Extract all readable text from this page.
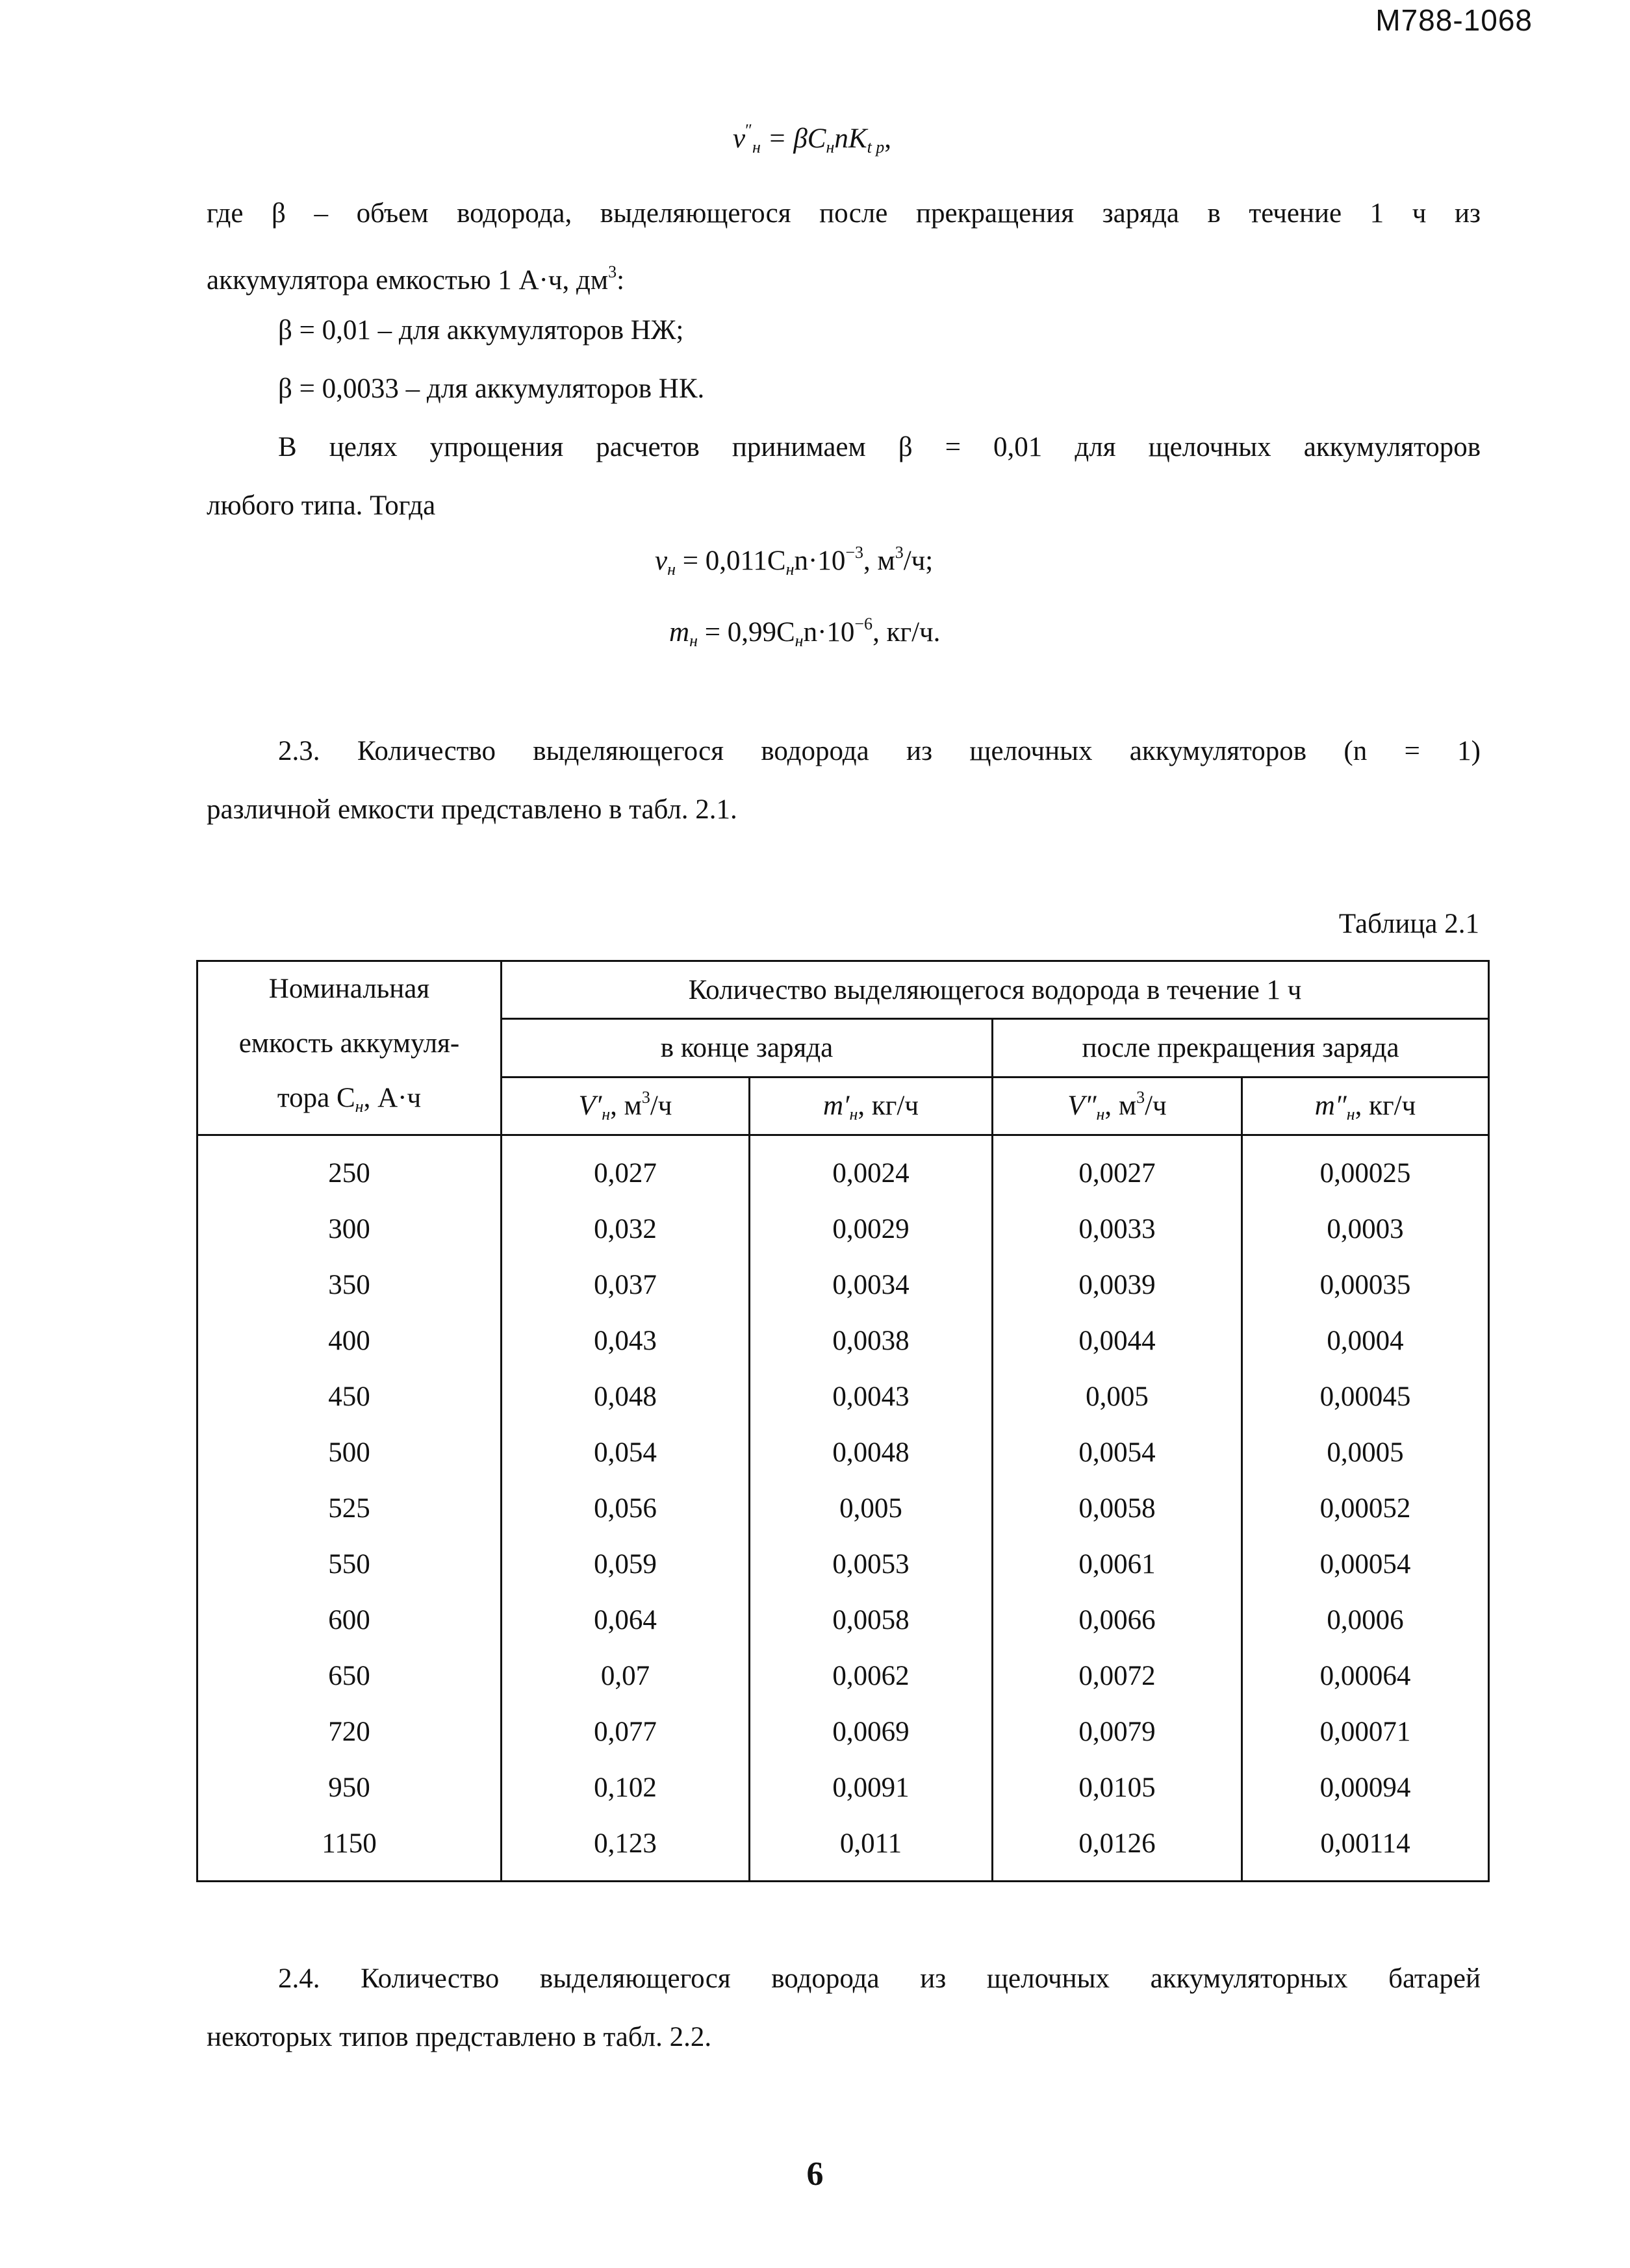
М788-1068
$v''_н = \beta C_нnK_{t p}$,
где β – объем водорода, выделяющегося после прекращения заряда в течение 1 ч из
аккумулятора емкостью 1 А·ч, $дм^3$:
β = 0,01 – для аккумуляторов НЖ;
β = 0,0033 – для аккумуляторов НК.
В целях упрощения расчетов принимаем β = 0,01 для щелочных аккумуляторов
любого типа. Тогда
$v_н = 0,011C_нn\cdot 10^{-3}$, $м^3/ч$;
$m_н = 0,99C_нn\cdot 10^{-6}$, кг/ч.
2.3. Количество выделяющегося водорода из щелочных аккумуляторов (n = 1)
различной емкости представлено в табл. 2.1.
Таблица 2.1
Номинальная
емкость аккумуля-
тора $C_н$, А·ч	Количество выделяющегося водорода в течение 1 ч			
	в конце заряда		после прекращения заряда	
	$V'_н$, $м^3/ч$	$m'_н$, кг/ч	$V''_н$, $м^3/ч$	$m''_н$, кг/ч
250	0,027	0,0024	0,0027	0,00025
300	0,032	0,0029	0,0033	0,0003
350	0,037	0,0034	0,0039	0,00035
400	0,043	0,0038	0,0044	0,0004
450	0,048	0,0043	0,005	0,00045
500	0,054	0,0048	0,0054	0,0005
525	0,056	0,005	0,0058	0,00052
550	0,059	0,0053	0,0061	0,00054
600	0,064	0,0058	0,0066	0,0006
650	0,07	0,0062	0,0072	0,00064
720	0,077	0,0069	0,0079	0,00071
950	0,102	0,0091	0,0105	0,00094
1150	0,123	0,011	0,0126	0,00114
2.4. Количество выделяющегося водорода из щелочных аккумуляторных батарей
некоторых типов представлено в табл. 2.2.
6
